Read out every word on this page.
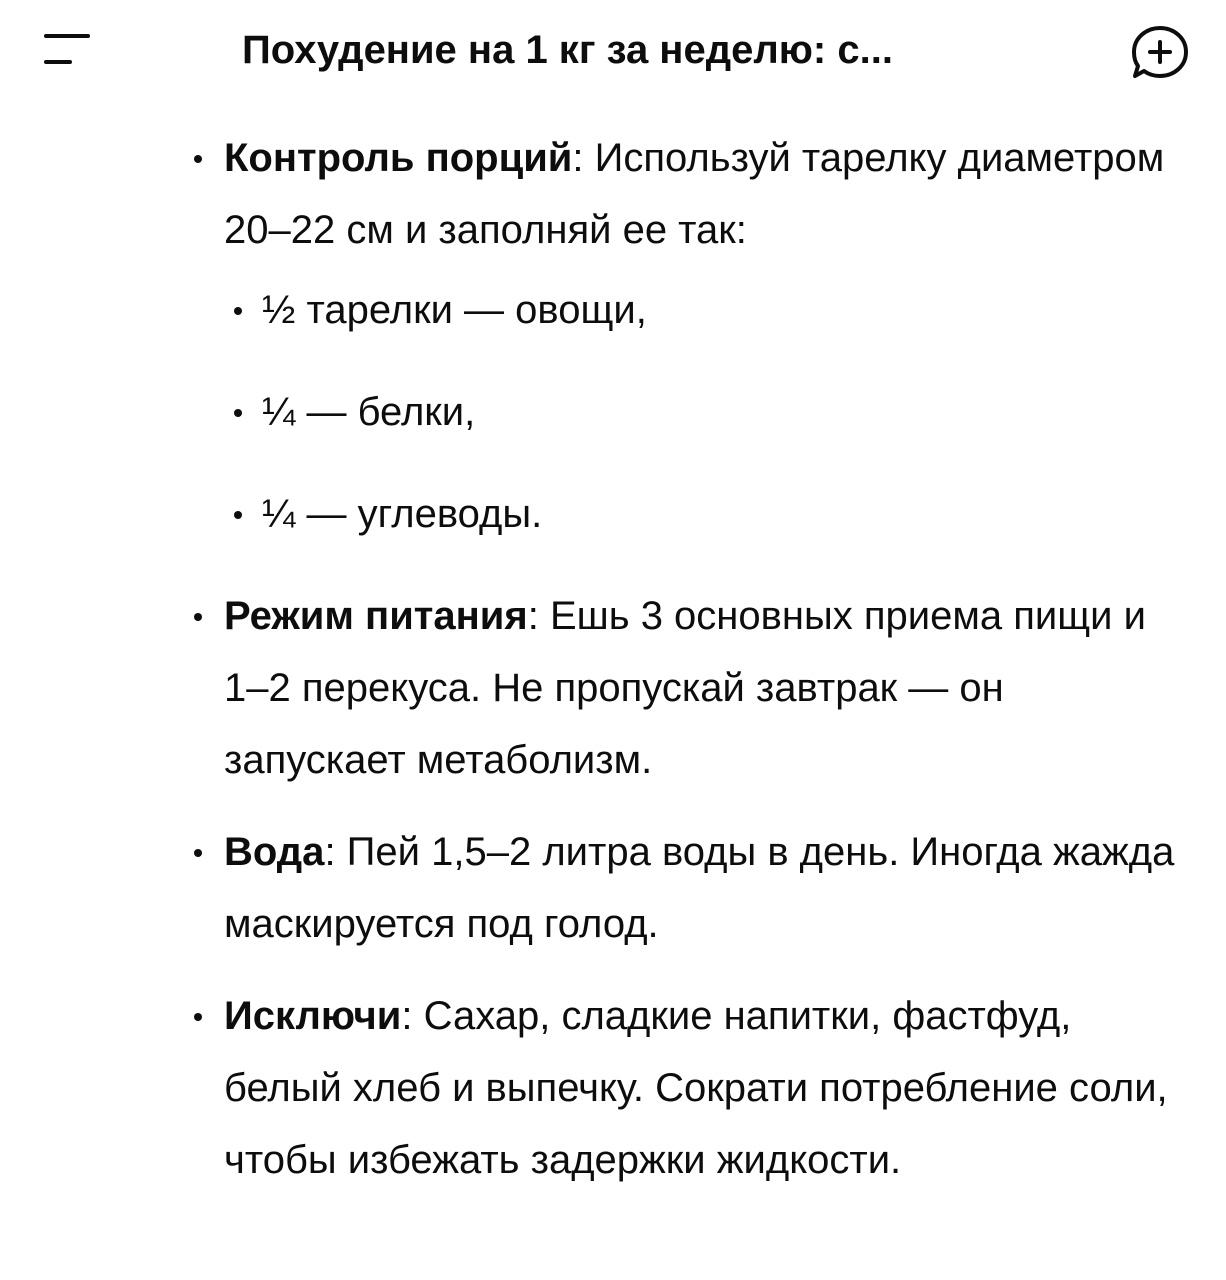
Похудение на 1 кг за неделю: с...
Контроль порций: Используй тарелку диаметром 20–22 см и заполняй ее так:
½ тарелки — овощи,
¼ — белки,
¼ — углеводы.
Режим питания: Ешь 3 основных приема пищи и 1–2 перекуса. Не пропускай завтрак — он запускает метаболизм.
Вода: Пей 1,5–2 литра воды в день. Иногда жажда маскируется под голод.
Исключи: Сахар, сладкие напитки, фастфуд, белый хлеб и выпечку. Сократи потребление соли, чтобы избежать задержки жидкости.
